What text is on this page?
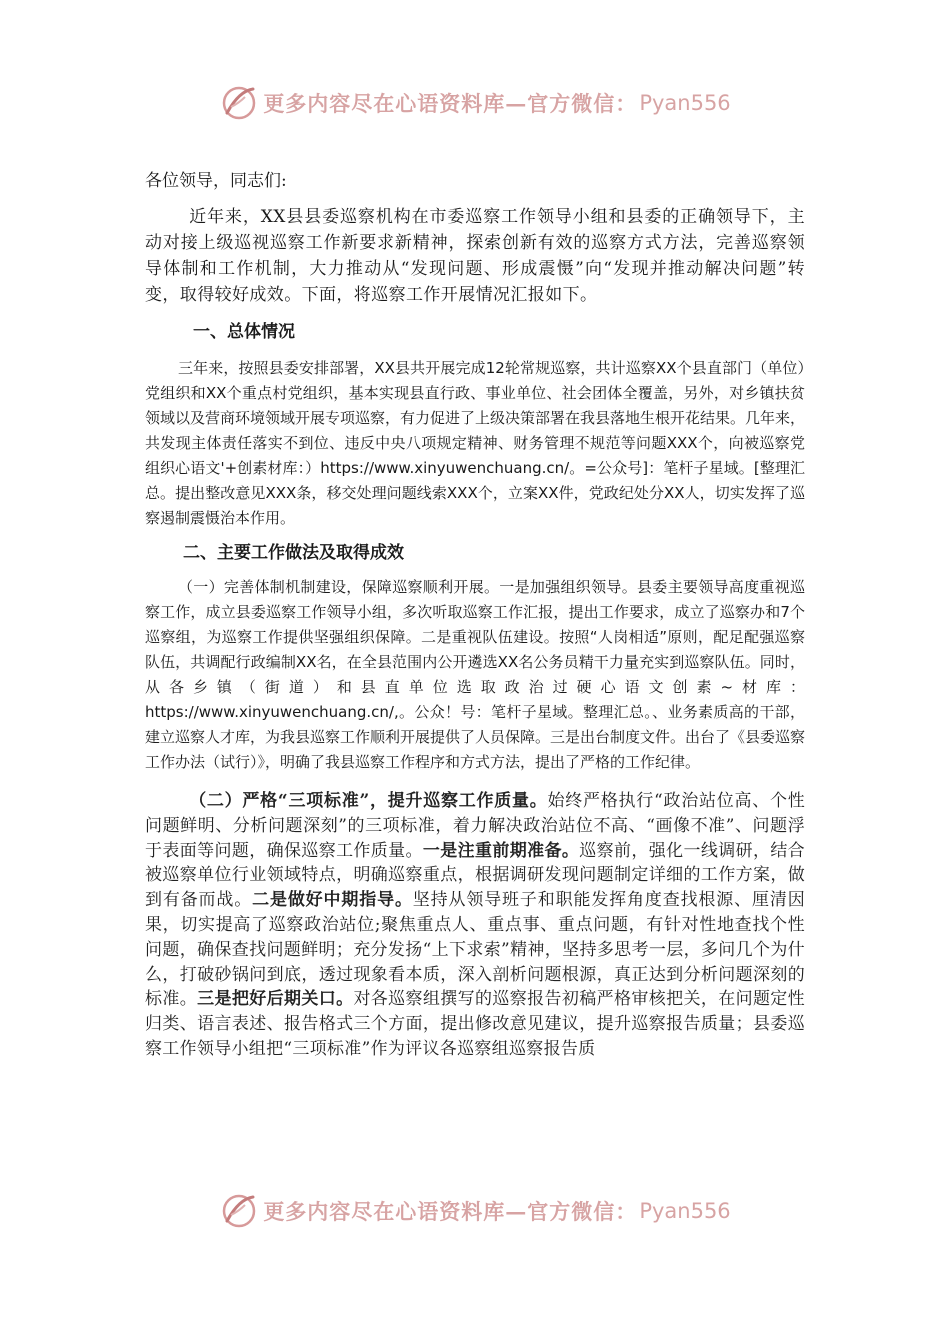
更多内容尽在心语资料库—官方微信： Pyan556

各位领导，同志们:

近年来，XX县县委巡察机构在市委巡察工作领导小组和县委的正确领导下，主动对接上级巡视巡察工作新要求新精神，探索创新有效的巡察方式方法，完善巡察领导体制和工作机制，大力推动从“发现问题、形成震慑”向“发现并推动解决问题”转变，取得较好成效。下面，将巡察工作开展情况汇报如下。

一、总体情况

三年来，按照县委安排部署，XX县共开展完成12轮常规巡察，共计巡察XX个县直部门（单位）党组织和XX个重点村党组织，基本实现县直行政、事业单位、社会团体全覆盖，另外，对乡镇扶贫领域以及营商环境领域开展专项巡察，有力促进了上级决策部署在我县落地生根开花结果。几年来，共发现主体责任落实不到位、违反中央八项规定精神、财务管理不规范等问题XXX个，向被巡察党组织心语文'+创素材库：）https://www.xinyuwenchuang.cn/。=公众号]：笔杆子星域。[整理汇总。提出整改意见XXX条，移交处理问题线索XXX个，立案XX件，党政纪处分XX人，切实发挥了巡察遏制震慑治本作用。

二、主要工作做法及取得成效

（一）完善体制机制建设，保障巡察顺利开展。一是加强组织领导。县委主要领导高度重视巡察工作，成立县委巡察工作领导小组，多次听取巡察工作汇报，提出工作要求，成立了巡察办和7个巡察组，为巡察工作提供坚强组织保障。二是重视队伍建设。按照“人岗相适”原则，配足配强巡察队伍，共调配行政编制XX名，在全县范围内公开遴选XX名公务员精干力量充实到巡察队伍。同时，从各乡镇（街道）和县直单位选取政治过硬心语文创素~材库：https://www.xinyuwenchuang.cn/,。公众！号：笔杆子星域。整理汇总。、业务素质高的干部，建立巡察人才库，为我县巡察工作顺利开展提供了人员保障。三是出台制度文件。出台了《县委巡察工作办法（试行）》，明确了我县巡察工作程序和方式方法，提出了严格的工作纪律。

（二）严格“三项标准”，提升巡察工作质量。始终严格执行“政治站位高、个性问题鲜明、分析问题深刻”的三项标准，着力解决政治站位不高、“画像不准”、问题浮于表面等问题，确保巡察工作质量。一是注重前期准备。巡察前，强化一线调研，结合被巡察单位行业领域特点，明确巡察重点，根据调研发现问题制定详细的工作方案，做到有备而战。二是做好中期指导。坚持从领导班子和职能发挥角度查找根源、厘清因果，切实提高了巡察政治站位;聚焦重点人、重点事、重点问题，有针对性地查找个性问题，确保查找问题鲜明；充分发扬“上下求索”精神，坚持多思考一层，多问几个为什么，打破砂锅问到底，透过现象看本质，深入剖析问题根源，真正达到分析问题深刻的标准。三是把好后期关口。对各巡察组撰写的巡察报告初稿严格审核把关，在问题定性归类、语言表述、报告格式三个方面，提出修改意见建议，提升巡察报告质量；县委巡察工作领导小组把“三项标准”作为评议各巡察组巡察报告质

更多内容尽在心语资料库—官方微信： Pyan556
